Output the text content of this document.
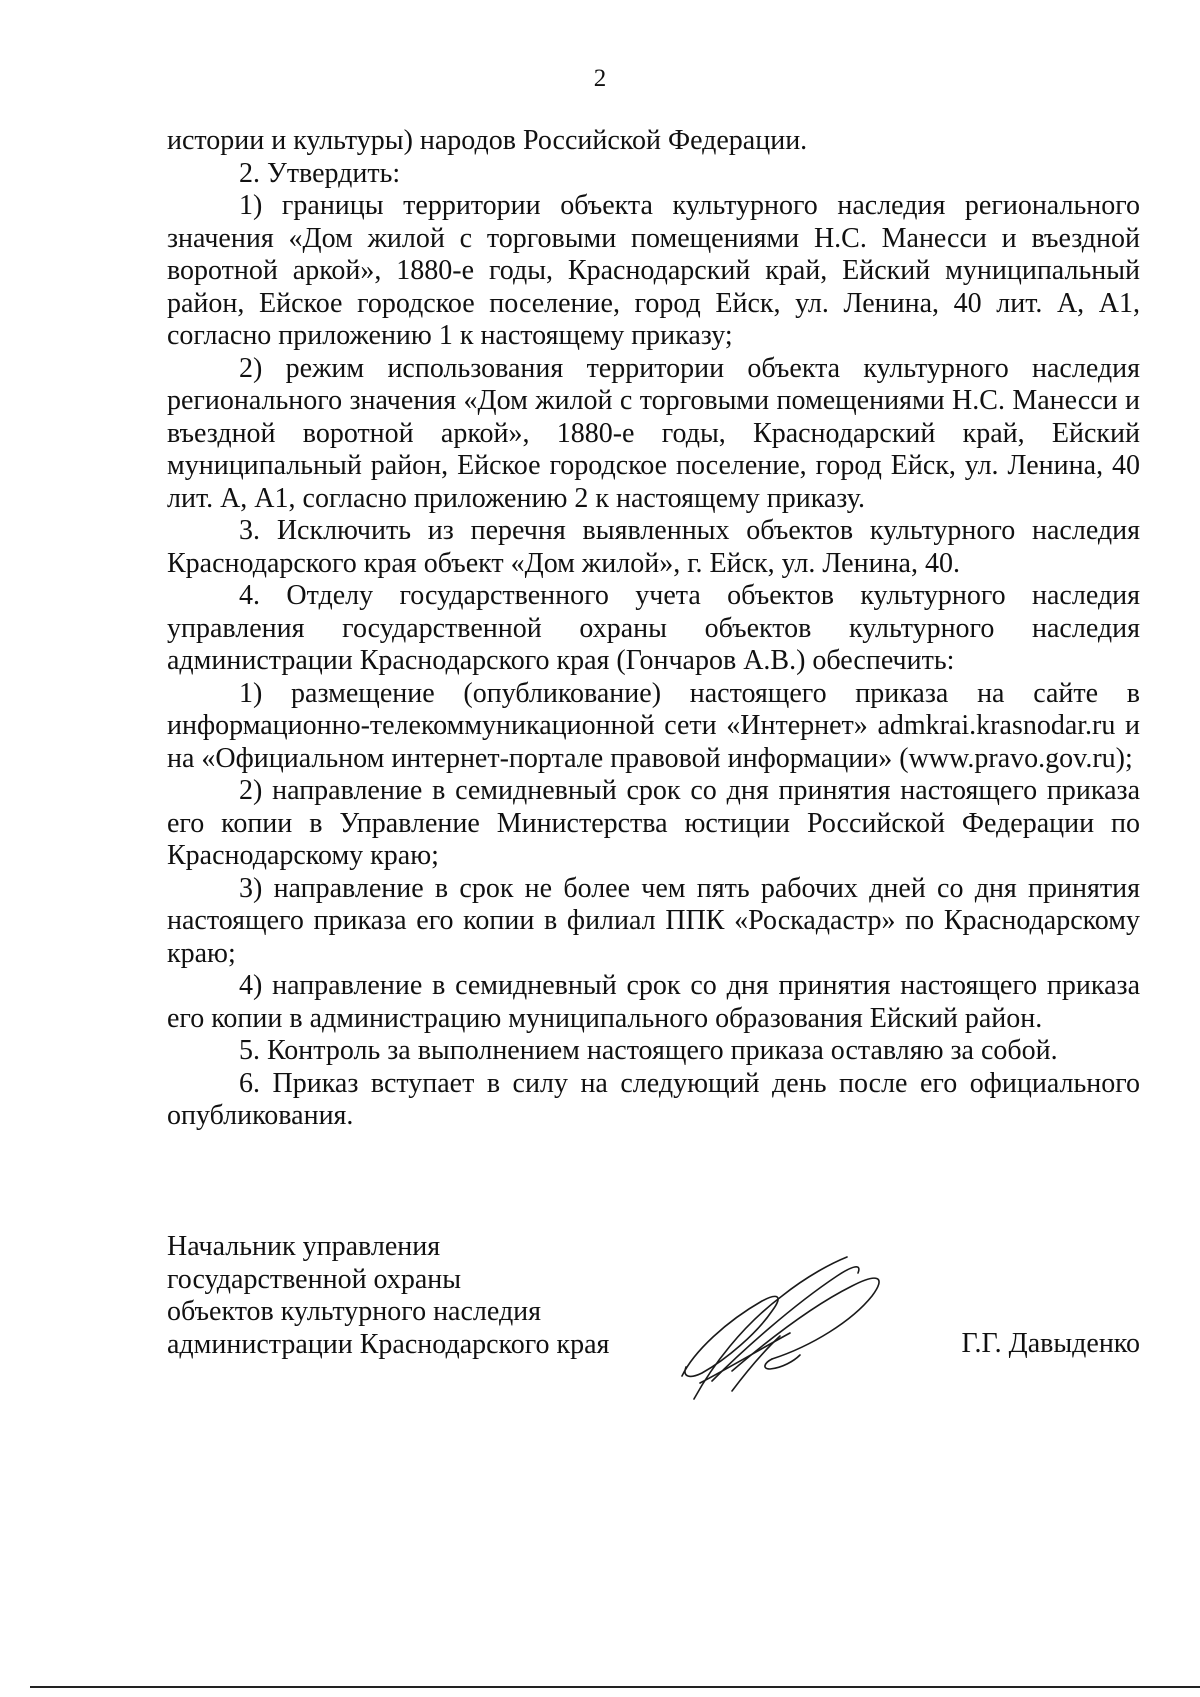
2

истории и культуры) народов Российской Федерации.

2. Утвердить:

1) границы территории объекта культурного наследия регионального значения «Дом жилой с торговыми помещениями Н.С. Манесси и въездной воротной аркой», 1880-е годы, Краснодарский край, Ейский муниципальный район, Ейское городское поселение, город Ейск, ул. Ленина, 40 лит. А, А1, согласно приложению 1 к настоящему приказу;

2) режим использования территории объекта культурного наследия регионального значения «Дом жилой с торговыми помещениями Н.С. Манесси и въездной воротной аркой», 1880-е годы, Краснодарский край, Ейский муниципальный район, Ейское городское поселение, город Ейск, ул. Ленина, 40 лит. А, А1, согласно приложению 2 к настоящему приказу.

3. Исключить из перечня выявленных объектов культурного наследия Краснодарского края объект «Дом жилой», г. Ейск, ул. Ленина, 40.

4. Отделу государственного учета объектов культурного наследия управления государственной охраны объектов культурного наследия администрации Краснодарского края (Гончаров А.В.) обеспечить:

1) размещение (опубликование) настоящего приказа на сайте в информационно-телекоммуникационной сети «Интернет» admkrai.krasnodar.ru и на «Официальном интернет-портале правовой информации» (www.pravo.gov.ru);

2) направление в семидневный срок со дня принятия настоящего приказа его копии в Управление Министерства юстиции Российской Федерации по Краснодарскому краю;

3) направление в срок не более чем пять рабочих дней со дня принятия настоящего приказа его копии в филиал ППК «Роскадастр» по Краснодарскому краю;

4) направление в семидневный срок со дня принятия настоящего приказа его копии в администрацию муниципального образования Ейский район.

5. Контроль за выполнением настоящего приказа оставляю за собой.

6. Приказ вступает в силу на следующий день после его официального опубликования.

Начальник управления
государственной охраны
объектов культурного наследия
администрации Краснодарского края	Г.Г. Давыденко
